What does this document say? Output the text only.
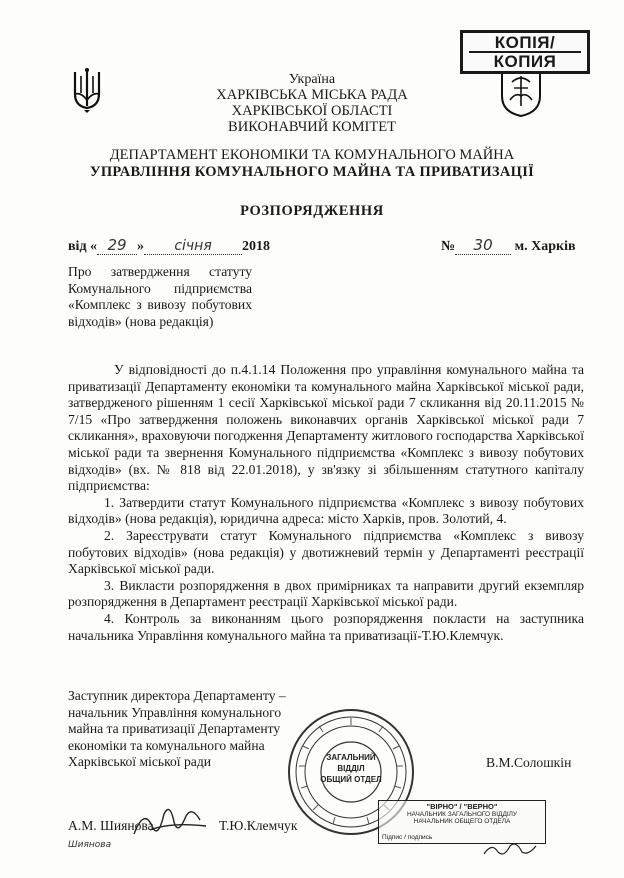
КОПІЯ/
КОПИЯ
Україна
ХАРКІВСЬКА МІСЬКА РАДА
ХАРКІВСЬКОЇ ОБЛАСТІ
ВИКОНАВЧИЙ КОМІТЕТ
ДЕПАРТАМЕНТ ЕКОНОМІКИ ТА КОМУНАЛЬНОГО МАЙНА
УПРАВЛІННЯ КОМУНАЛЬНОГО МАЙНА ТА ПРИВАТИЗАЦІЇ
РОЗПОРЯДЖЕННЯ
від « 29 » січня 2018	№ 30 м. Харків
Про затвердження статуту Комунального підприємства «Комплекс з вивозу побутових відходів» (нова редакція)

У відповідності до п.4.1.14 Положення про управління комунального майна та приватизації Департаменту економіки та комунального майна Харківської міської ради, затвердженого рішенням 1 сесії Харківської міської ради 7 скликання від 20.11.2015 № 7/15 «Про затвердження положень виконавчих органів Харківської міської ради 7 скликання», враховуючи погодження Департаменту житлового господарства Харківської міської ради та звернення Комунального підприємства «Комплекс з вивозу побутових відходів» (вх. № 818 від 22.01.2018), у зв'язку зі збільшенням статутного капіталу підприємства:

1. Затвердити статут Комунального підприємства «Комплекс з вивозу побутових відходів» (нова редакція), юридична адреса: місто Харків, пров. Золотий, 4.

2. Зареєструвати статут Комунального підприємства «Комплекс з вивозу побутових відходів» (нова редакція) у двотижневий термін у Департаменті реєстрації Харківської міської ради.

3. Викласти розпорядження в двох примірниках та направити другий екземпляр розпорядження в Департамент реєстрації Харківської міської ради.

4. Контроль за виконанням цього розпорядження покласти на заступника начальника Управління комунального майна та приватизації-Т.Ю.Клемчук.

Заступник директора Департаменту –
начальник Управління комунального
майна та приватизації Департаменту
економіки та комунального майна
Харківської міської ради	В.М.Солошкін
А.М. Шиянова	Т.Ю.Клемчук
Шиянова
ЗАГАЛЬНИЙ
ВІДДІЛ
ОБЩИЙ ОТДЕЛ
"ВІРНО" / "ВЕРНО"
НАЧАЛЬНИК ЗАГАЛЬНОГО ВІДДІЛУ
НАЧАЛЬНИК ОБЩЕГО ОТДЕЛА
Підпис / подпись
